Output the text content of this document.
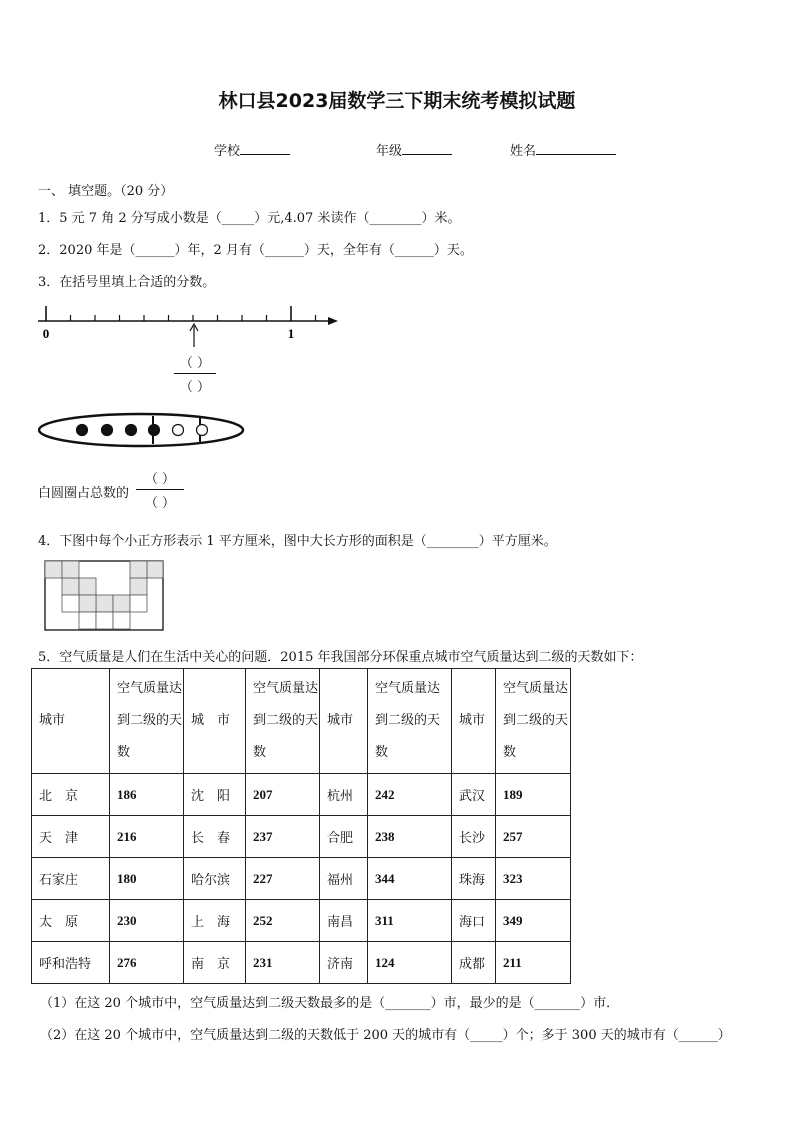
林口县2023届数学三下期末统考模拟试题
学校	年级	姓名
一、 填空题。（20 分）
1．5 元 7 角 2 分写成小数是（_____）元,4.07 米读作（________）米。
2．2020 年是（______）年，2 月有（______）天，全年有（______）天。
3．在括号里填上合适的分数。
0	1
（ ）
（ ）
白圆圈占总数的
（ ）
（ ）
4．下图中每个小正方形表示 1 平方厘米，图中大长方形的面积是（________）平方厘米。
5．空气质量是人们在生活中关心的问题．2015 年我国部分环保重点城市空气质量达到二级的天数如下：
城市	空气质量达到二级的天数	城　市	空气质量达到二级的天数	城市	空气质量达到二级的天数	城市	空气质量达到二级的天数
北　京	186	沈　阳	207	杭州	242	武汉	189
天　津	216	长　春	237	合肥	238	长沙	257
石家庄	180	哈尔滨	227	福州	344	珠海	323
太　原	230	上　海	252	南昌	311	海口	349
呼和浩特	276	南　京	231	济南	124	成都	211
（1）在这 20 个城市中，空气质量达到二级天数最多的是（_______）市，最少的是（_______）市．
（2）在这 20 个城市中，空气质量达到二级的天数低于 200 天的城市有（_____）个；多于 300 天的城市有（______）
